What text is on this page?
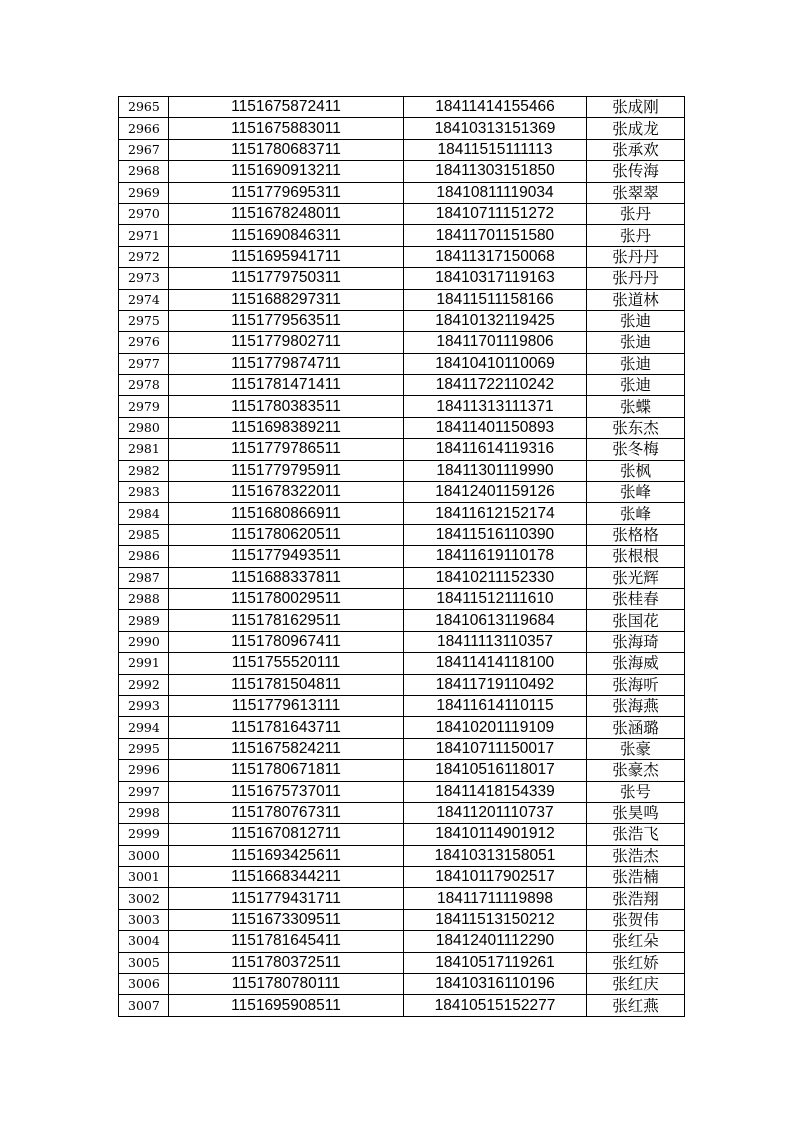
2965	1151675872411	18411414155466	张成刚
2966	1151675883011	18410313151369	张成龙
2967	1151780683711	18411515111113	张承欢
2968	1151690913211	18411303151850	张传海
2969	1151779695311	18410811119034	张翠翠
2970	1151678248011	18410711151272	张丹
2971	1151690846311	18411701151580	张丹
2972	1151695941711	18411317150068	张丹丹
2973	1151779750311	18410317119163	张丹丹
2974	1151688297311	18411511158166	张道林
2975	1151779563511	18410132119425	张迪
2976	1151779802711	18411701119806	张迪
2977	1151779874711	18410410110069	张迪
2978	1151781471411	18411722110242	张迪
2979	1151780383511	18411313111371	张蝶
2980	1151698389211	18411401150893	张东杰
2981	1151779786511	18411614119316	张冬梅
2982	1151779795911	18411301119990	张枫
2983	1151678322011	18412401159126	张峰
2984	1151680866911	18411612152174	张峰
2985	1151780620511	18411516110390	张格格
2986	1151779493511	18411619110178	张根根
2987	1151688337811	18410211152330	张光辉
2988	1151780029511	18411512111610	张桂春
2989	1151781629511	18410613119684	张国花
2990	1151780967411	18411113110357	张海琦
2991	1151755520111	18411414118100	张海威
2992	1151781504811	18411719110492	张海听
2993	1151779613111	18411614110115	张海燕
2994	1151781643711	18410201119109	张涵璐
2995	1151675824211	18410711150017	张豪
2996	1151780671811	18410516118017	张豪杰
2997	1151675737011	18411418154339	张号
2998	1151780767311	18411201110737	张昊鸣
2999	1151670812711	18410114901912	张浩飞
3000	1151693425611	18410313158051	张浩杰
3001	1151668344211	18410117902517	张浩楠
3002	1151779431711	18411711119898	张浩翔
3003	1151673309511	18411513150212	张贺伟
3004	1151781645411	18412401112290	张红朵
3005	1151780372511	18410517119261	张红娇
3006	1151780780111	18410316110196	张红庆
3007	1151695908511	18410515152277	张红燕
